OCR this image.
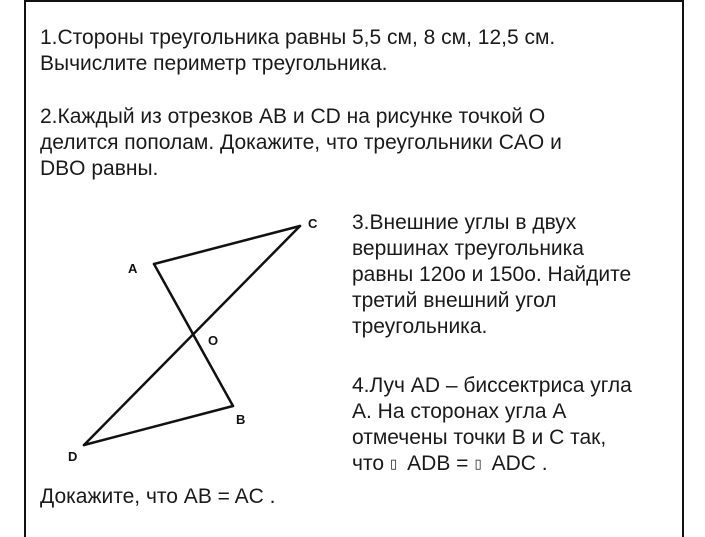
1.Стороны треугольника равны 5,5 см, 8 см, 12,5 см.
Вычислите периметр треугольника.
2.Каждый из отрезков AB и CD на рисунке точкой O
делится пополам. Докажите, что треугольники CAO и
DBO равны.
A
C
O
B
D
3.Внешние углы в двух
вершинах треугольника
равны 120о и 150о. Найдите
третий внешний угол
треугольника.
4.Луч AD – биссектриса угла
А. На сторонах угла А
отмечены точки B и C так,
что ▯ ADB = ▯ ADC .
Докажите, что AB = AC .
